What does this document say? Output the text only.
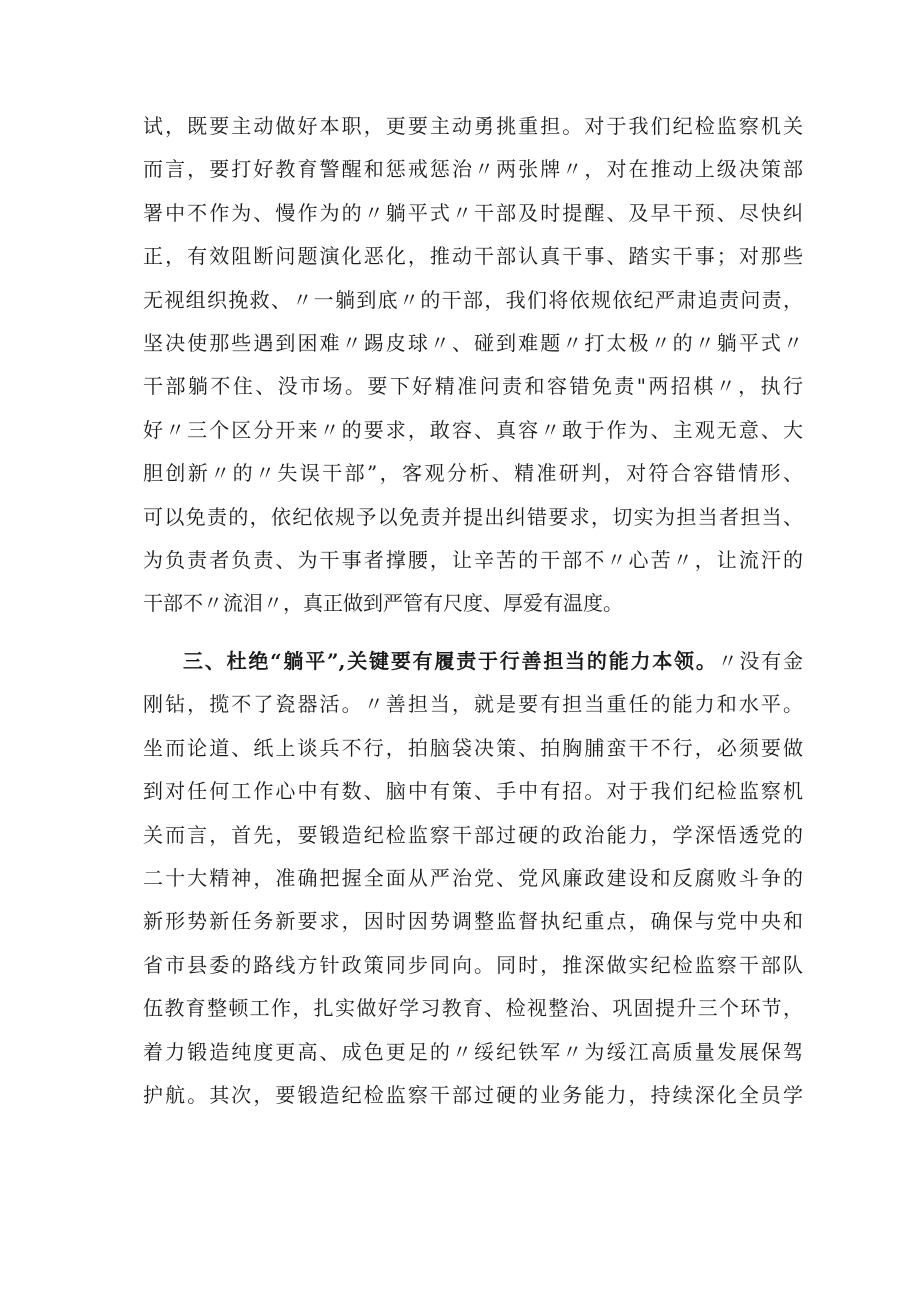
试，既要主动做好本职，更要主动勇挑重担。对于我们纪检监察机关
而言，要打好教育警醒和惩戒惩治〃两张牌〃，对在推动上级决策部
署中不作为、慢作为的〃躺平式〃干部及时提醒、及早干预、尽快纠
正，有效阻断问题演化恶化，推动干部认真干事、踏实干事；对那些
无视组织挽救、〃一躺到底〃的干部，我们将依规依纪严肃追责问责，
坚决使那些遇到困难〃踢皮球〃、碰到难题〃打太极〃的〃躺平式〃
干部躺不住、没市场。要下好精准问责和容错免责"两招棋〃，执行
好〃三个区分开来〃的要求，敢容、真容〃敢于作为、主观无意、大
胆创新〃的〃失误干部”，客观分析、精准研判，对符合容错情形、
可以免责的，依纪依规予以免责并提出纠错要求，切实为担当者担当、
为负责者负责、为干事者撑腰，让辛苦的干部不〃心苦〃，让流汗的
干部不〃流泪〃，真正做到严管有尺度、厚爱有温度。
三、杜绝“躺平”,关键要有履责于行善担当的能力本领。〃没有金
刚钻，揽不了瓷器活。〃善担当，就是要有担当重任的能力和水平。
坐而论道、纸上谈兵不行，拍脑袋决策、拍胸脯蛮干不行，必须要做
到对任何工作心中有数、脑中有策、手中有招。对于我们纪检监察机
关而言，首先，要锻造纪检监察干部过硬的政治能力，学深悟透党的
二十大精神，准确把握全面从严治党、党风廉政建设和反腐败斗争的
新形势新任务新要求，因时因势调整监督执纪重点，确保与党中央和
省市县委的路线方针政策同步同向。同时，推深做实纪检监察干部队
伍教育整顿工作，扎实做好学习教育、检视整治、巩固提升三个环节，
着力锻造纯度更高、成色更足的〃绥纪铁军〃为绥江高质量发展保驾
护航。其次，要锻造纪检监察干部过硬的业务能力，持续深化全员学
